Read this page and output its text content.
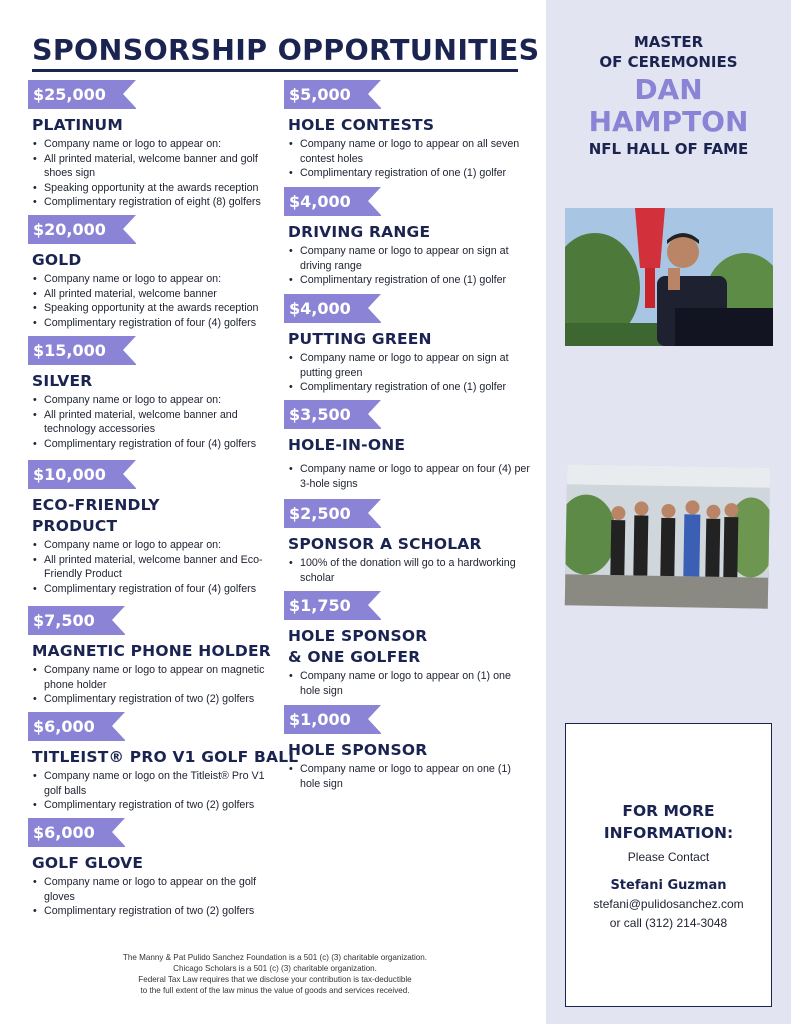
SPONSORSHIP OPPORTUNITIES
$25,000
PLATINUM
• Company name or logo to appear on:
• All printed material, welcome banner and golf shoes sign
• Speaking opportunity at the awards reception
• Complimentary registration of eight (8) golfers
$20,000
GOLD
• Company name or logo to appear on:
• All printed material, welcome banner
• Speaking opportunity at the awards reception
• Complimentary registration of four (4) golfers
$15,000
SILVER
• Company name or logo to appear on:
• All printed material, welcome banner and technology accessories
• Complimentary registration of four (4) golfers
$10,000
ECO-FRIENDLY PRODUCT
• Company name or logo to appear on:
• All printed material, welcome banner and Eco-Friendly Product
• Complimentary registration of four (4) golfers
$7,500
MAGNETIC PHONE HOLDER
• Company name or logo to appear on magnetic phone holder
• Complimentary registration of two (2) golfers
$6,000
TITLEIST® PRO V1 GOLF BALL
• Company name or logo on the Titleist® Pro V1 golf balls
• Complimentary registration of two (2) golfers
$6,000
GOLF GLOVE
• Company name or logo to appear on the golf gloves
• Complimentary registration of two (2) golfers
$5,000
HOLE CONTESTS
• Company name or logo to appear on all seven contest holes
• Complimentary registration of one (1) golfer
$4,000
DRIVING RANGE
• Company name or logo to appear on sign at driving range
• Complimentary registration of one (1) golfer
$4,000
PUTTING GREEN
• Company name or logo to appear on sign at putting green
• Complimentary registration of one (1) golfer
$3,500
HOLE-IN-ONE
• Company name or logo to appear on four (4) per 3-hole signs
$2,500
SPONSOR A SCHOLAR
• 100% of the donation will go to a hardworking scholar
$1,750
HOLE SPONSOR & ONE GOLFER
• Company name or logo to appear on (1) one hole sign
$1,000
HOLE SPONSOR
• Company name or logo to appear on one (1) hole sign
MASTER
OF CEREMONIES
DAN
HAMPTON
NFL HALL OF FAME
FOR MORE
INFORMATION:
Please Contact
Stefani Guzman
stefani@pulidosanchez.com
or call (312) 214-3048
The Manny & Pat Pulido Sanchez Foundation is a 501 (c) (3) charitable organization.
Chicago Scholars is a 501 (c) (3) charitable organization.
Federal Tax Law requires that we disclose your contribution is tax-deductible
to the full extent of the law minus the value of goods and services received.
